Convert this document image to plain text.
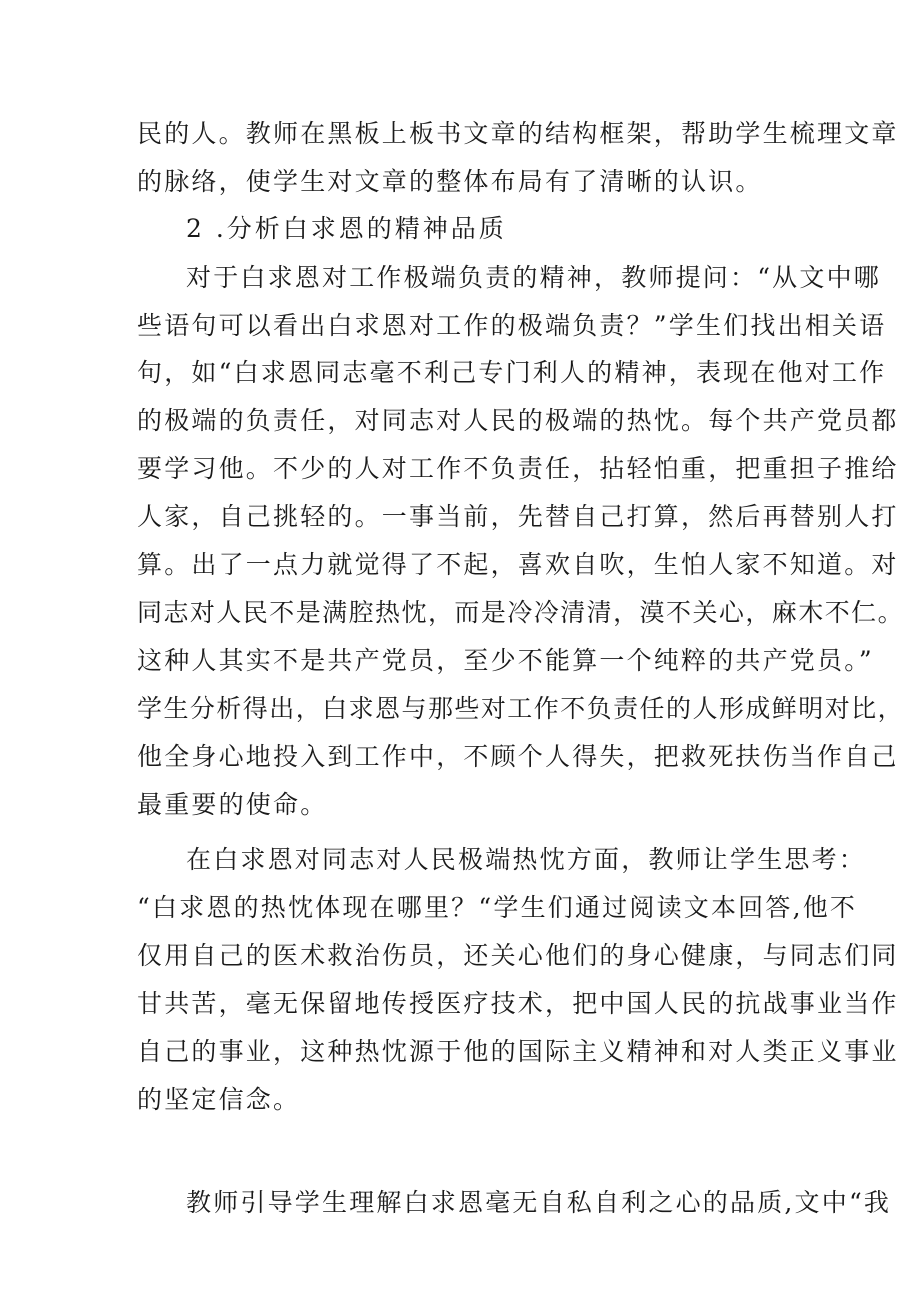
民的人。教师在黑板上板书文章的结构框架，帮助学生梳理文章
的脉络，使学生对文章的整体布局有了清晰的认识。
2 .分析白求恩的精神品质
对于白求恩对工作极端负责的精神，教师提问：“从文中哪
些语句可以看出白求恩对工作的极端负责？”学生们找出相关语
句，如“白求恩同志毫不利己专门利人的精神，表现在他对工作
的极端的负责任，对同志对人民的极端的热忱。每个共产党员都
要学习他。不少的人对工作不负责任，拈轻怕重，把重担子推给
人家，自己挑轻的。一事当前，先替自己打算，然后再替别人打
算。出了一点力就觉得了不起，喜欢自吹，生怕人家不知道。对
同志对人民不是满腔热忱，而是冷冷清清，漠不关心，麻木不仁。
这种人其实不是共产党员，至少不能算一个纯粹的共产党员。”
学生分析得出，白求恩与那些对工作不负责任的人形成鲜明对比，
他全身心地投入到工作中，不顾个人得失，把救死扶伤当作自己
最重要的使命。
在白求恩对同志对人民极端热忱方面，教师让学生思考：
“白求恩的热忱体现在哪里？“学生们通过阅读文本回答,他不
仅用自己的医术救治伤员，还关心他们的身心健康，与同志们同
甘共苦，毫无保留地传授医疗技术，把中国人民的抗战事业当作
自己的事业，这种热忱源于他的国际主义精神和对人类正义事业
的坚定信念。
教师引导学生理解白求恩毫无自私自利之心的品质,文中“我
